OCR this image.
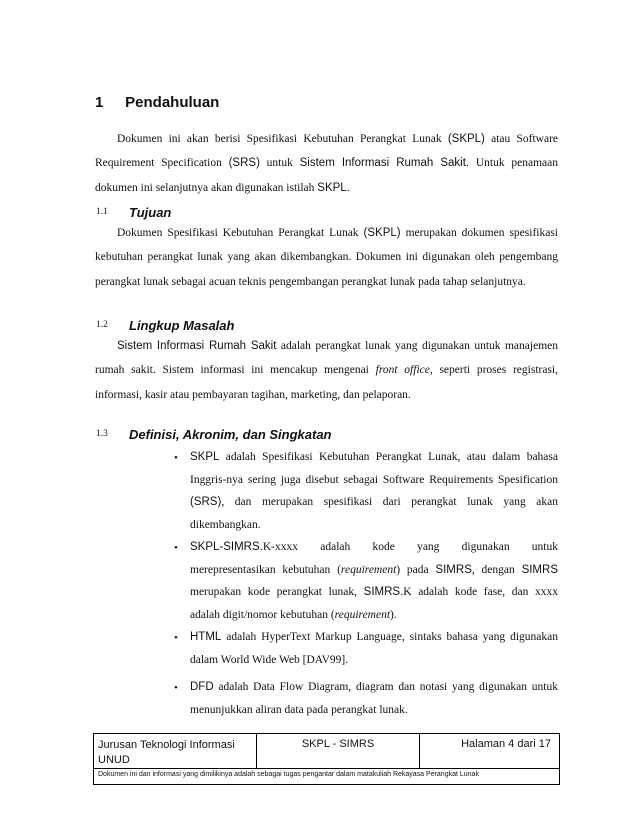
1 Pendahuluan
Dokumen ini akan berisi Spesifikasi Kebutuhan Perangkat Lunak (SKPL) atau Software
Requirement Specification (SRS) untuk Sistem Informasi Rumah Sakit. Untuk penamaan
dokumen ini selanjutnya akan digunakan istilah SKPL.
1.1 Tujuan
Dokumen Spesifikasi Kebutuhan Perangkat Lunak (SKPL) merupakan dokumen spesifikasi
kebutuhan perangkat lunak yang akan dikembangkan. Dokumen ini digunakan oleh pengembang
perangkat lunak sebagai acuan teknis pengembangan perangkat lunak pada tahap selanjutnya.
1.2 Lingkup Masalah
Sistem Informasi Rumah Sakit adalah perangkat lunak yang digunakan untuk manajemen
rumah sakit. Sistem informasi ini mencakup mengenai front office, seperti proses registrasi,
informasi, kasir atau pembayaran tagihan, marketing, dan pelaporan.
1.3 Definisi, Akronim, dan Singkatan
• SKPL adalah Spesifikasi Kebutuhan Perangkat Lunak, atau dalam bahasa
Inggris-nya sering juga disebut sebagai Software Requirements Spesification
(SRS), dan merupakan spesifikasi dari perangkat lunak yang akan
dikembangkan.
• SKPL-SIMRS.K-xxxx adalah kode yang digunakan untuk
merepresentasikan kebutuhan (requirement) pada SIMRS, dengan SIMRS
merupakan kode perangkat lunak, SIMRS.K adalah kode fase, dan xxxx
adalah digit/nomor kebutuhan (requirement).
• HTML adalah HyperText Markup Language, sintaks bahasa yang digunakan
dalam World Wide Web [DAV99].
• DFD adalah Data Flow Diagram, diagram dan notasi yang digunakan untuk
menunjukkan aliran data pada perangkat lunak.
Jurusan Teknologi Informasi UNUD
SKPL - SIMRS	Halaman 4 dari 17
Dokumen ini dan informasi yang dimilikinya adalah sebagai tugas pengantar dalam matakuliah Rekayasa Perangkat Lunak
